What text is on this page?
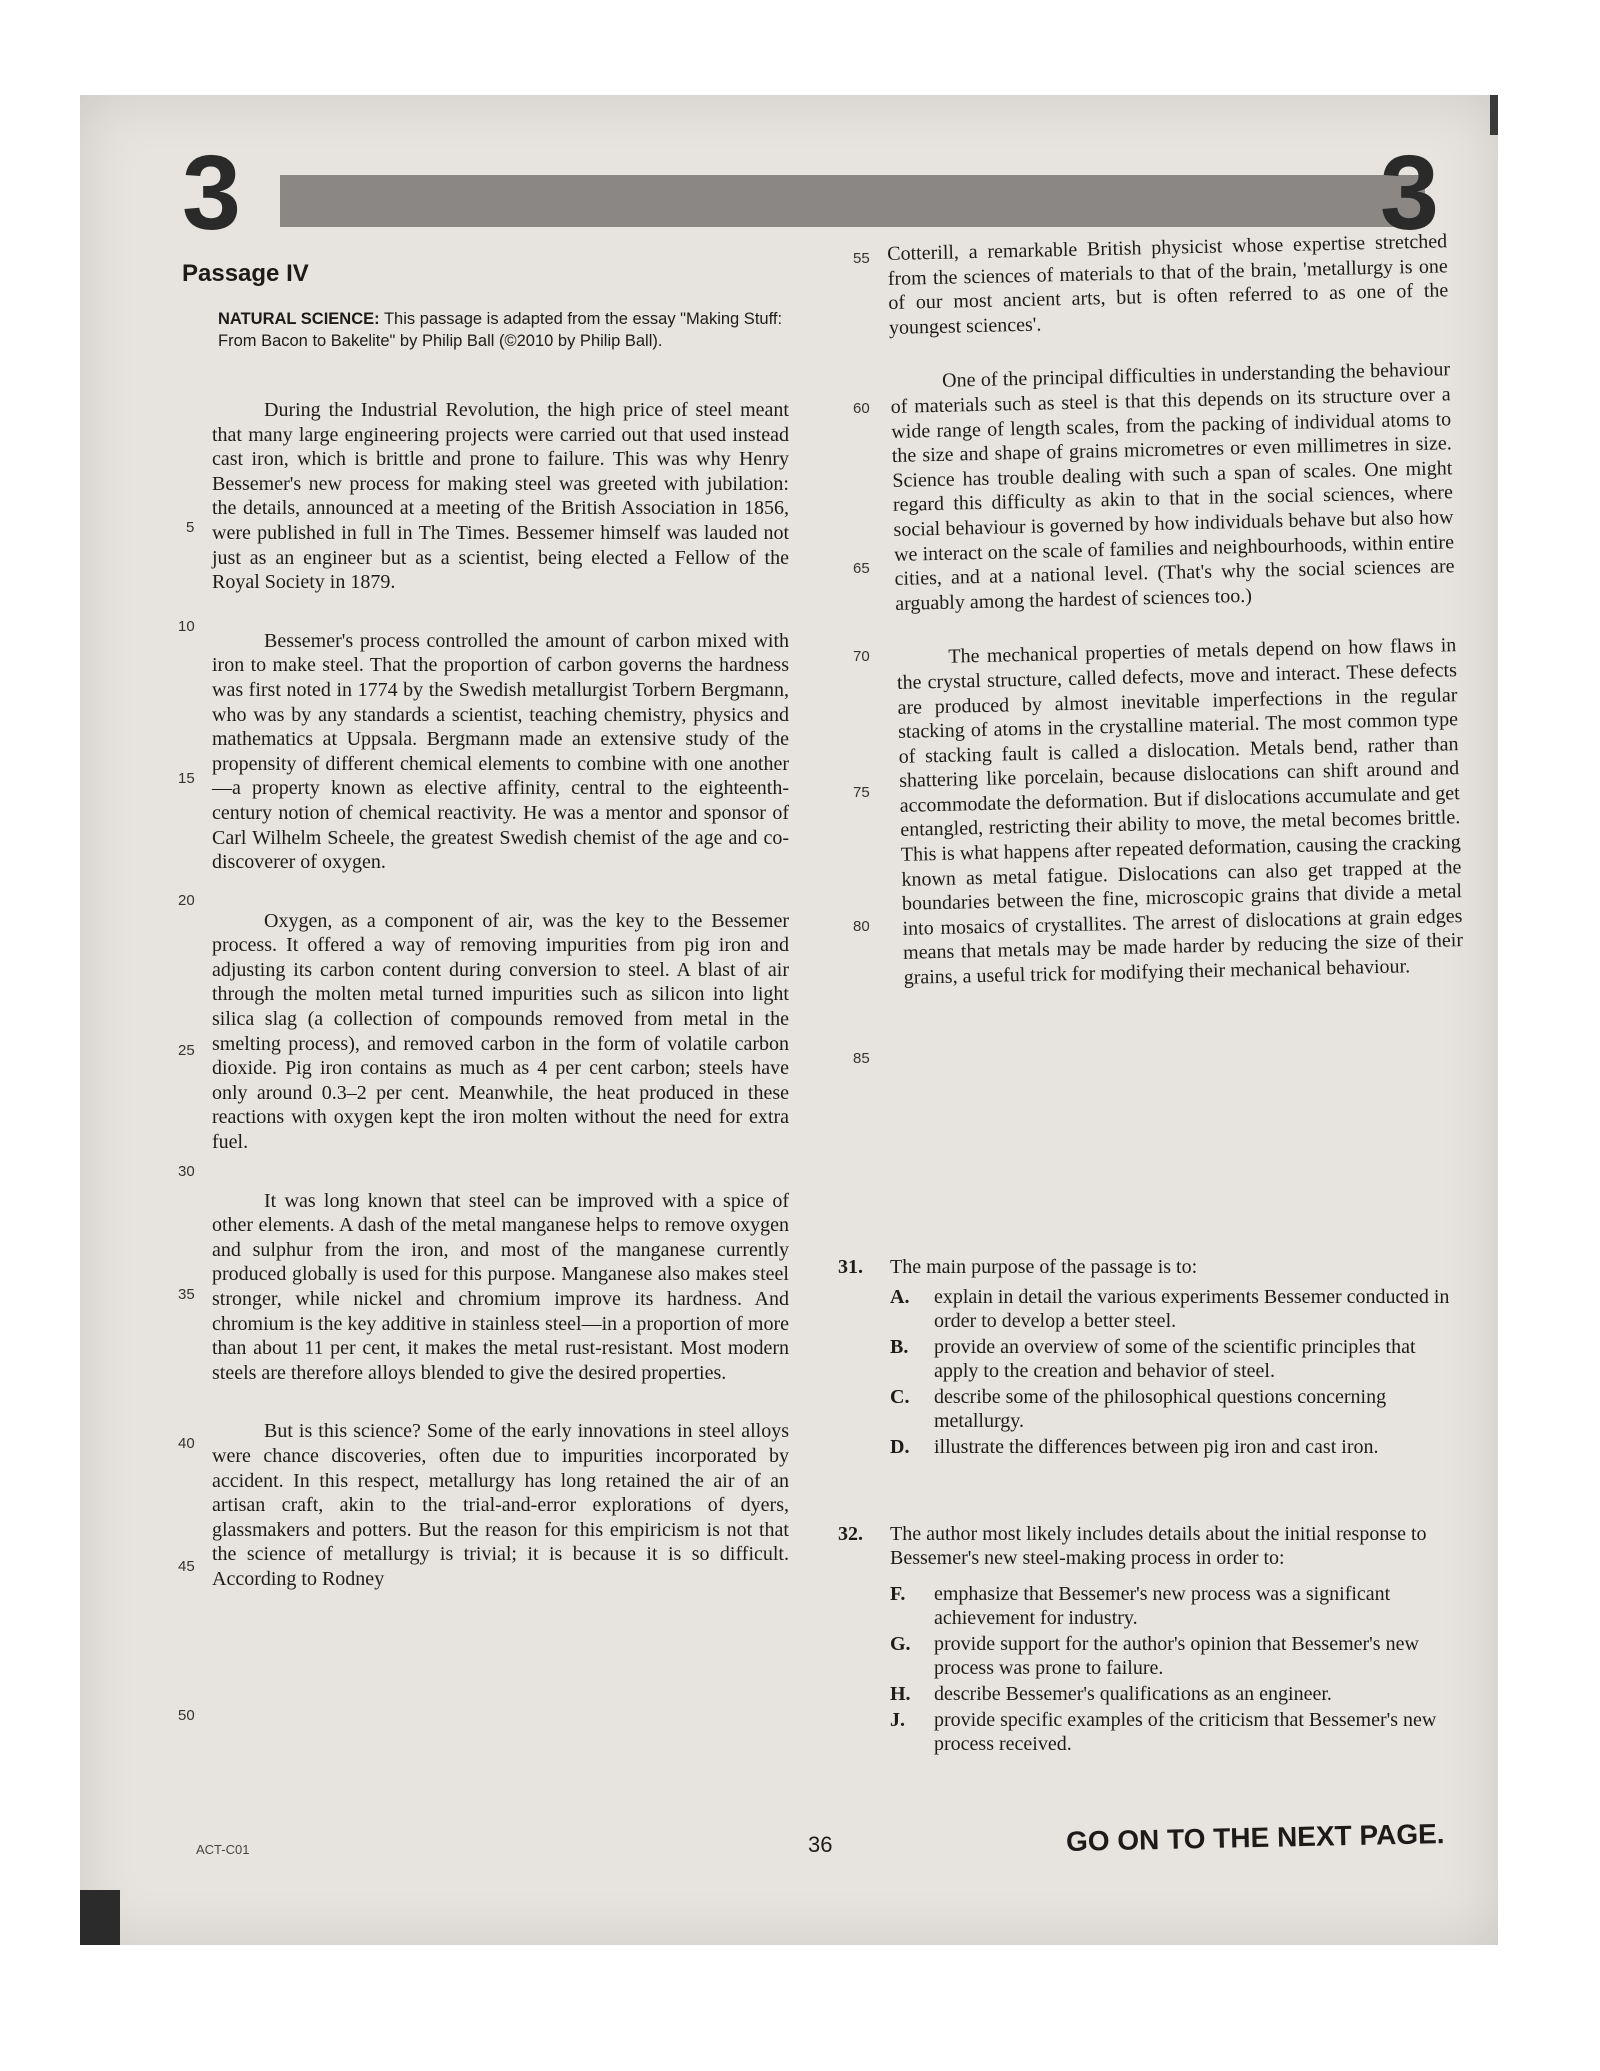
3	3
Passage IV
NATURAL SCIENCE: This passage is adapted from the essay "Making Stuff: From Bacon to Bakelite" by Philip Ball (©2010 by Philip Ball).

During the Industrial Revolution, the high price of steel meant that many large engineering projects were carried out that used instead cast iron, which is brittle and prone to failure. This was why Henry Bessemer's new process for making steel was greeted with jubilation: the details, announced at a meeting of the British Association in 1856, were published in full in The Times. Bessemer himself was lauded not just as an engineer but as a scientist, being elected a Fellow of the Royal Society in 1879.

Bessemer's process controlled the amount of carbon mixed with iron to make steel. That the proportion of carbon governs the hardness was first noted in 1774 by the Swedish metallurgist Torbern Bergmann, who was by any standards a scientist, teaching chemistry, physics and mathematics at Uppsala. Bergmann made an extensive study of the propensity of different chemical elements to combine with one another—a property known as elective affinity, central to the eighteenth-century notion of chemical reactivity. He was a mentor and sponsor of Carl Wilhelm Scheele, the greatest Swedish chemist of the age and co-discoverer of oxygen.

Oxygen, as a component of air, was the key to the Bessemer process. It offered a way of removing impurities from pig iron and adjusting its carbon content during conversion to steel. A blast of air through the molten metal turned impurities such as silicon into light silica slag (a collection of compounds removed from metal in the smelting process), and removed carbon in the form of volatile carbon dioxide. Pig iron contains as much as 4 per cent carbon; steels have only around 0.3–2 per cent. Meanwhile, the heat produced in these reactions with oxygen kept the iron molten without the need for extra fuel.

It was long known that steel can be improved with a spice of other elements. A dash of the metal manganese helps to remove oxygen and sulphur from the iron, and most of the manganese currently produced globally is used for this purpose. Manganese also makes steel stronger, while nickel and chromium improve its hardness. And chromium is the key additive in stainless steel—in a proportion of more than about 11 per cent, it makes the metal rust-resistant. Most modern steels are therefore alloys blended to give the desired properties.

But is this science? Some of the early innovations in steel alloys were chance discoveries, often due to impurities incorporated by accident. In this respect, metallurgy has long retained the air of an artisan craft, akin to the trial-and-error explorations of dyers, glassmakers and potters. But the reason for this empiricism is not that the science of metallurgy is trivial; it is because it is so difficult. According to Rodney

5
10
15
20
25
30
35
40
45
50

Cotterill, a remarkable British physicist whose expertise stretched from the sciences of materials to that of the brain, 'metallurgy is one of our most ancient arts, but is often referred to as one of the youngest sciences'.

One of the principal difficulties in understanding the behaviour of materials such as steel is that this depends on its structure over a wide range of length scales, from the packing of individual atoms to the size and shape of grains micrometres or even millimetres in size. Science has trouble dealing with such a span of scales. One might regard this difficulty as akin to that in the social sciences, where social behaviour is governed by how individuals behave but also how we interact on the scale of families and neighbourhoods, within entire cities, and at a national level. (That's why the social sciences are arguably among the hardest of sciences too.)

The mechanical properties of metals depend on how flaws in the crystal structure, called defects, move and interact. These defects are produced by almost inevitable imperfections in the regular stacking of atoms in the crystalline material. The most common type of stacking fault is called a dislocation. Metals bend, rather than shattering like porcelain, because dislocations can shift around and accommodate the deformation. But if dislocations accumulate and get entangled, restricting their ability to move, the metal becomes brittle. This is what happens after repeated deformation, causing the cracking known as metal fatigue. Dislocations can also get trapped at the boundaries between the fine, microscopic grains that divide a metal into mosaics of crystallites. The arrest of dislocations at grain edges means that metals may be made harder by reducing the size of their grains, a useful trick for modifying their mechanical behaviour.

55
60
65
70
75
80
85
31. The main purpose of the passage is to:
A. explain in detail the various experiments Bessemer conducted in order to develop a better steel.
B. provide an overview of some of the scientific principles that apply to the creation and behavior of steel.
C. describe some of the philosophical questions concerning metallurgy.
D. illustrate the differences between pig iron and cast iron.
32. The author most likely includes details about the initial response to Bessemer's new steel-making process in order to:
F. emphasize that Bessemer's new process was a significant achievement for industry.
G. provide support for the author's opinion that Bessemer's new process was prone to failure.
H. describe Bessemer's qualifications as an engineer.
J. provide specific examples of the criticism that Bessemer's new process received.
ACT-C01	36	GO ON TO THE NEXT PAGE.
